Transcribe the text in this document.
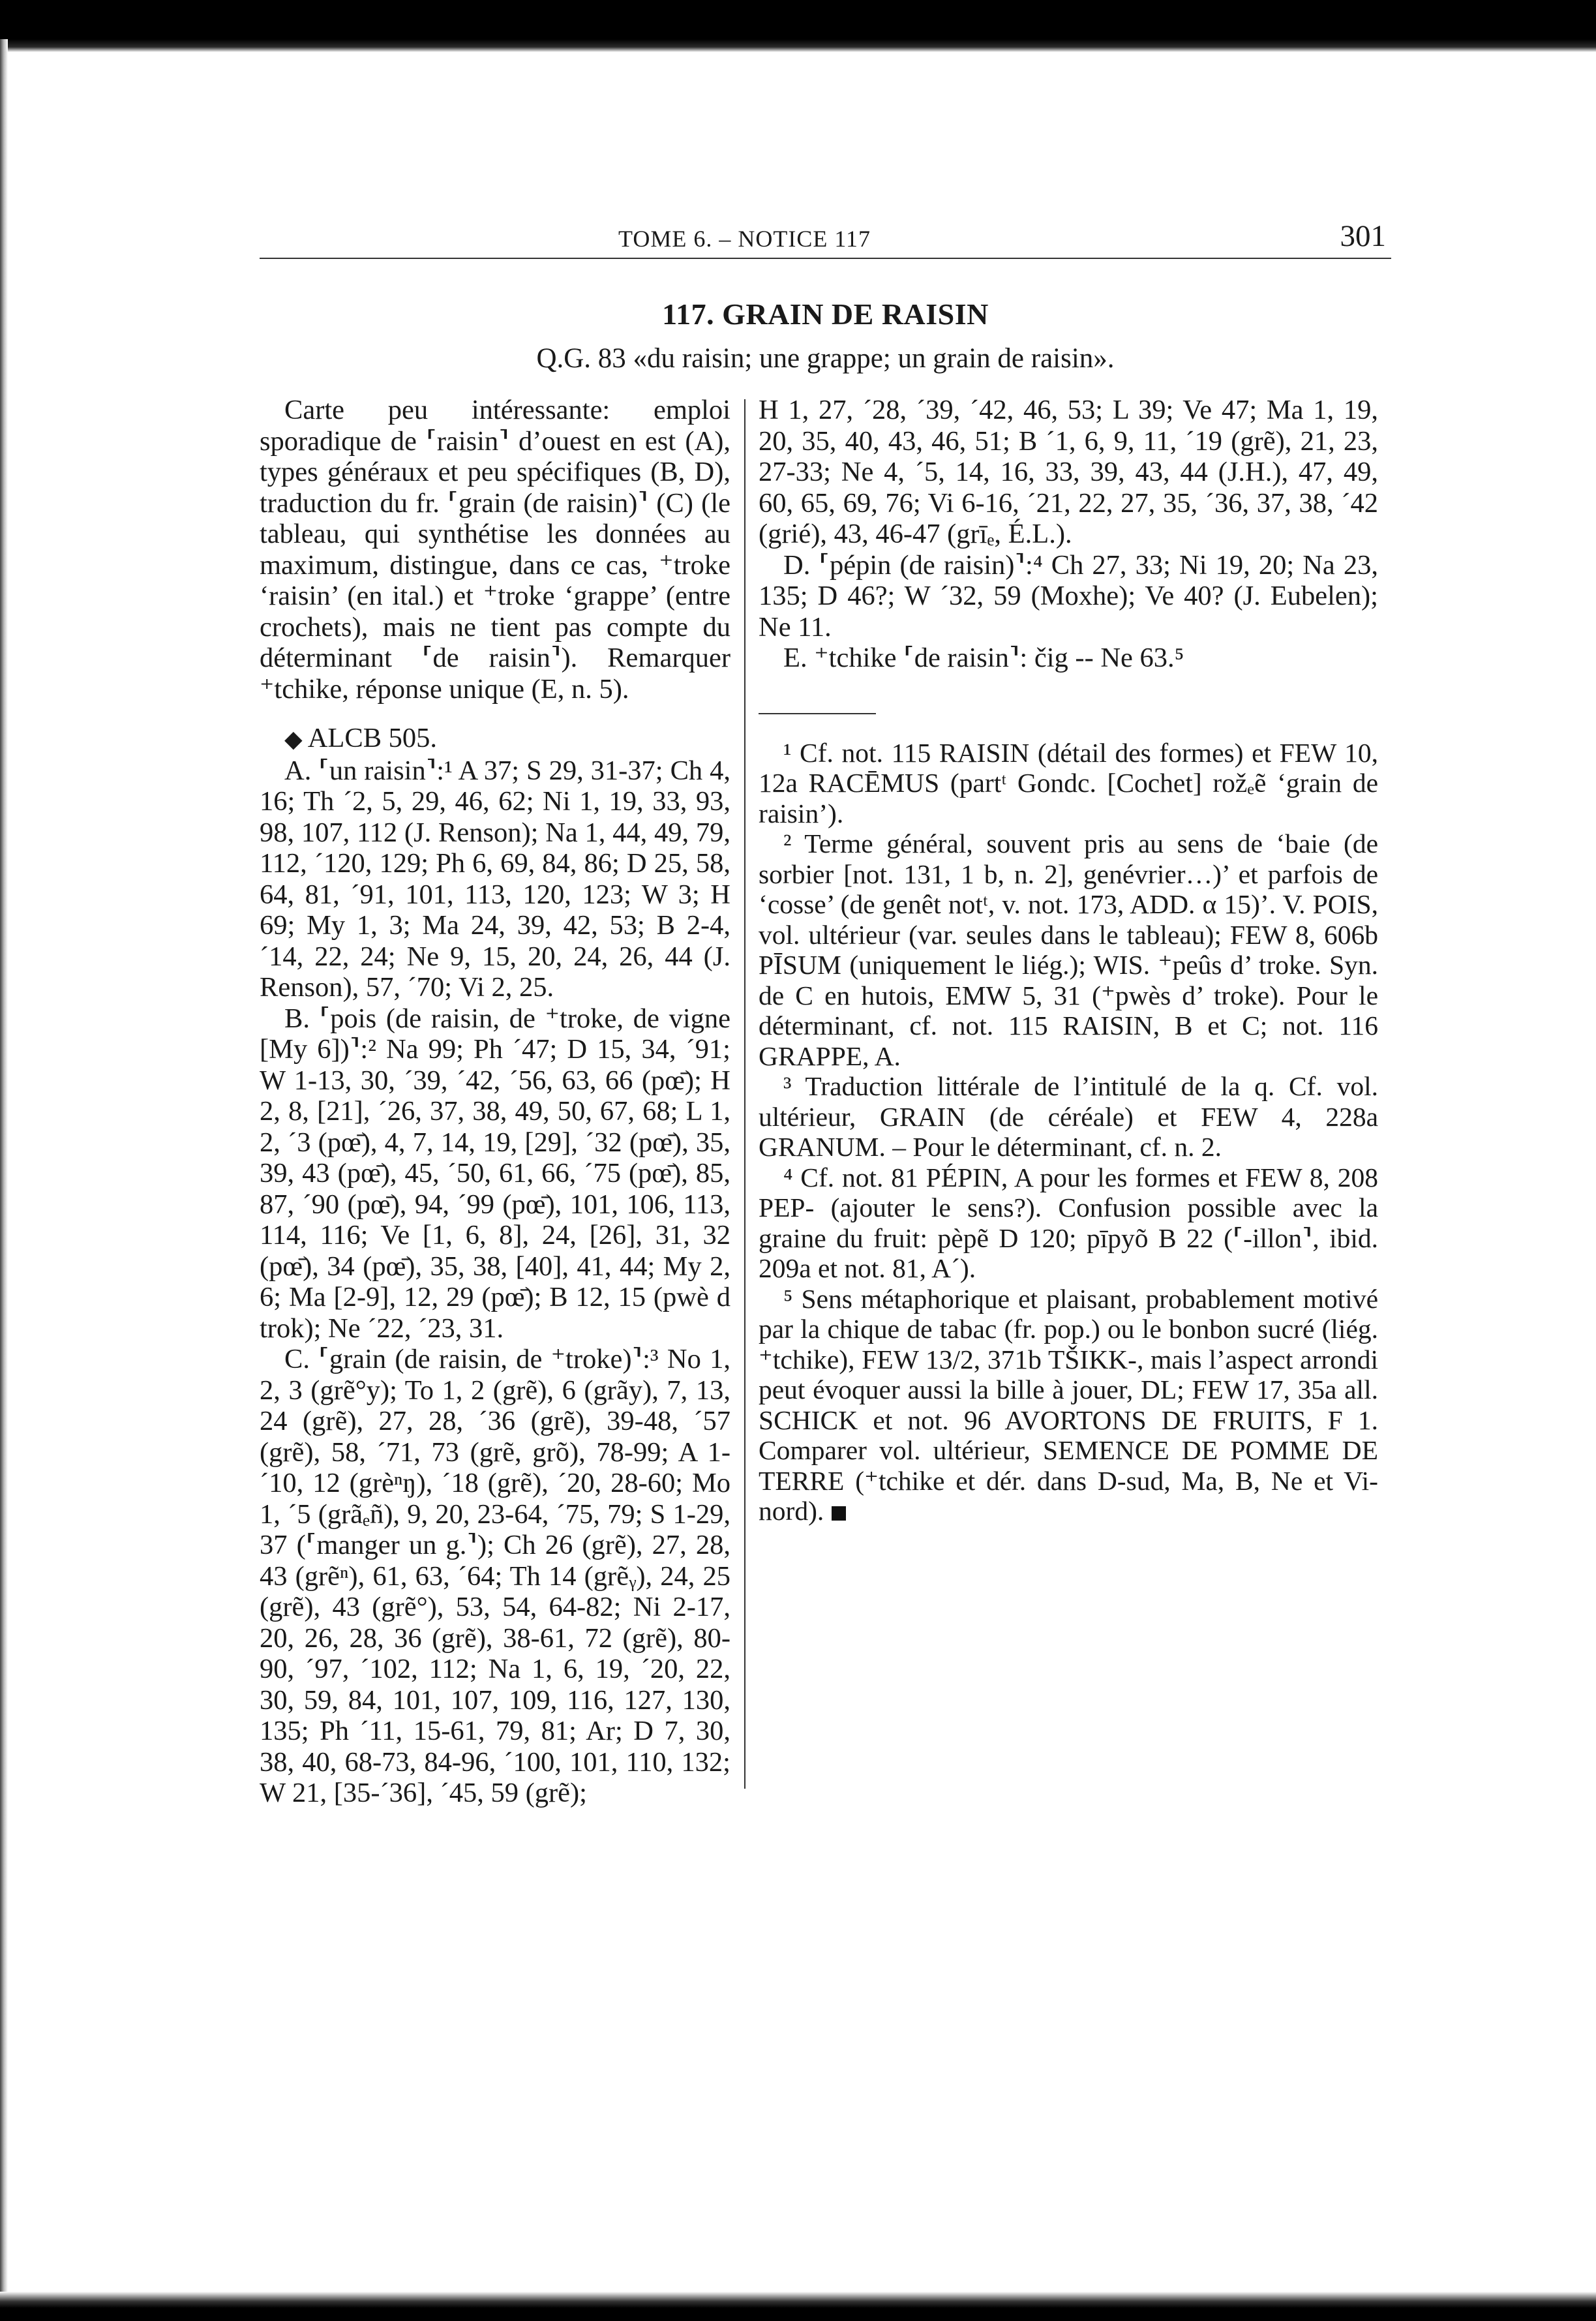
TOME 6. – NOTICE 117	301
117. GRAIN DE RAISIN
Q.G. 83 «du raisin; une grappe; un grain de raisin».

Carte peu intéressante: emploi sporadique de ⸢raisin⸣ d’ouest en est (A), types généraux et peu spécifiques (B, D), traduction du fr. ⸢grain (de raisin)⸣ (C) (le tableau, qui synthétise les données au maximum, distingue, dans ce cas, ⁺troke ‘raisin’ (en ital.) et ⁺troke ‘grappe’ (entre crochets), mais ne tient pas compte du déterminant ⸢de raisin⸣). Remarquer ⁺tchike, réponse unique (E, n. 5).

◆ ALCB 505.

A. ⸢un raisin⸣:¹ A 37; S 29, 31-37; Ch 4, 16; Th ´2, 5, 29, 46, 62; Ni 1, 19, 33, 93, 98, 107, 112 (J. Renson); Na 1, 44, 49, 79, 112, ´120, 129; Ph 6, 69, 84, 86; D 25, 58, 64, 81, ´91, 101, 113, 120, 123; W 3; H 69; My 1, 3; Ma 24, 39, 42, 53; B 2-4, ´14, 22, 24; Ne 9, 15, 20, 24, 26, 44 (J. Renson), 57, ´70; Vi 2, 25.

B. ⸢pois (de raisin, de ⁺troke, de vigne [My 6])⸣:² Na 99; Ph ´47; D 15, 34, ´91; W 1-13, 30, ´39, ´42, ´56, 63, 66 (pœ̄); H 2, 8, [21], ´26, 37, 38, 49, 50, 67, 68; L 1, 2, ´3 (pœ̄), 4, 7, 14, 19, [29], ´32 (pœ̄), 35, 39, 43 (pœ̄), 45, ´50, 61, 66, ´75 (pœ̄), 85, 87, ´90 (pœ̄), 94, ´99 (pœ̄), 101, 106, 113, 114, 116; Ve [1, 6, 8], 24, [26], 31, 32 (pœ̄), 34 (pœ̄), 35, 38, [40], 41, 44; My 2, 6; Ma [2-9], 12, 29 (pœ̄); B 12, 15 (pwè d trok); Ne ´22, ´23, 31.

C. ⸢grain (de raisin, de ⁺troke)⸣:³ No 1, 2, 3 (grẽ°y); To 1, 2 (grẽ), 6 (grãy), 7, 13, 24 (grẽ), 27, 28, ´36 (grẽ), 39-48, ´57 (grẽ), 58, ´71, 73 (grẽ, grõ), 78-99; A 1-´10, 12 (grèⁿŋ), ´18 (grẽ), ´20, 28-60; Mo 1, ´5 (grãₑñ), 9, 20, 23-64, ´75, 79; S 1-29, 37 (⸢manger un g.⸣); Ch 26 (grẽ), 27, 28, 43 (grẽⁿ), 61, 63, ´64; Th 14 (grẽᵧ), 24, 25 (grẽ), 43 (grẽ°), 53, 54, 64-82; Ni 2-17, 20, 26, 28, 36 (grẽ), 38-61, 72 (grẽ), 80-90, ´97, ´102, 112; Na 1, 6, 19, ´20, 22, 30, 59, 84, 101, 107, 109, 116, 127, 130, 135; Ph ´11, 15-61, 79, 81; Ar; D 7, 30, 38, 40, 68-73, 84-96, ´100, 101, 110, 132; W 21, [35-´36], ´45, 59 (grẽ);

H 1, 27, ´28, ´39, ´42, 46, 53; L 39; Ve 47; Ma 1, 19, 20, 35, 40, 43, 46, 51; B ´1, 6, 9, 11, ´19 (grẽ), 21, 23, 27-33; Ne 4, ´5, 14, 16, 33, 39, 43, 44 (J.H.), 47, 49, 60, 65, 69, 76; Vi 6-16, ´21, 22, 27, 35, ´36, 37, 38, ´42 (grié), 43, 46-47 (grīₑ, É.L.).

D. ⸢pépin (de raisin)⸣:⁴ Ch 27, 33; Ni 19, 20; Na 23, 135; D 46?; W ´32, 59 (Moxhe); Ve 40? (J. Eubelen); Ne 11.

E. ⁺tchike ⸢de raisin⸣: čig -- Ne 63.⁵

¹ Cf. not. 115 RAISIN (détail des formes) et FEW 10, 12a RACĒMUS (partᵗ Gondc. [Cochet] rožₑẽ ‘grain de raisin’).

² Terme général, souvent pris au sens de ‘baie (de sorbier [not. 131, 1 b, n. 2], genévrier…)’ et parfois de ‘cosse’ (de genêt notᵗ, v. not. 173, ADD. α 15)’. V. POIS, vol. ultérieur (var. seules dans le tableau); FEW 8, 606b PĪSUM (uniquement le liég.); WIS. ⁺peûs d’ troke. Syn. de C en hutois, EMW 5, 31 (⁺pwès d’ troke). Pour le déterminant, cf. not. 115 RAISIN, B et C; not. 116 GRAPPE, A.

³ Traduction littérale de l’intitulé de la q. Cf. vol. ultérieur, GRAIN (de céréale) et FEW 4, 228a GRANUM. – Pour le déterminant, cf. n. 2.

⁴ Cf. not. 81 PÉPIN, A pour les formes et FEW 8, 208 PEP- (ajouter le sens?). Confusion possible avec la graine du fruit: pèpẽ D 120; pīpyõ B 22 (⸢-illon⸣, ibid. 209a et not. 81, A´).

⁵ Sens métaphorique et plaisant, probablement motivé par la chique de tabac (fr. pop.) ou le bonbon sucré (liég. ⁺tchike), FEW 13/2, 371b TŠIKK-, mais l’aspect arrondi peut évoquer aussi la bille à jouer, DL; FEW 17, 35a all. SCHICK et not. 96 AVORTONS DE FRUITS, F 1. Comparer vol. ultérieur, SEMENCE DE POMME DE TERRE (⁺tchike et dér. dans D-sud, Ma, B, Ne et Vi-nord).
